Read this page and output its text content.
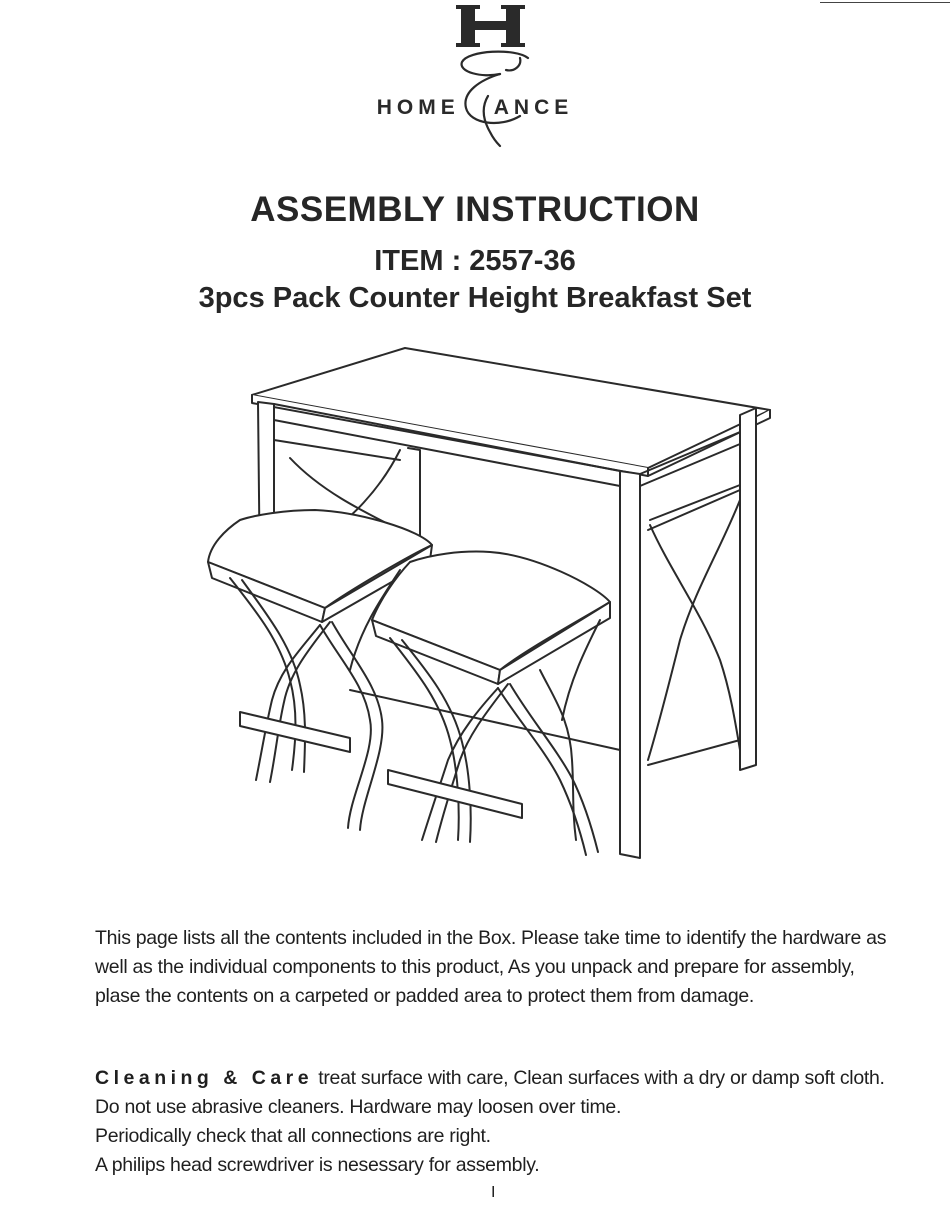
HOME ANCE
ASSEMBLY INSTRUCTION
ITEM : 2557-36
3pcs Pack Counter Height Breakfast Set

This page lists all the contents included in the Box. Please take time to identify the hardware as well as the individual components to this product, As you unpack and prepare for assembly, plase the contents on a carpeted or padded area to protect them from damage.

Cleaning & Care treat surface with care, Clean surfaces with a dry or damp soft cloth. Do not use abrasive cleaners. Hardware may loosen over time.
Periodically check that all connections are right.
A philips head screwdriver is nesessary for assembly.

I
